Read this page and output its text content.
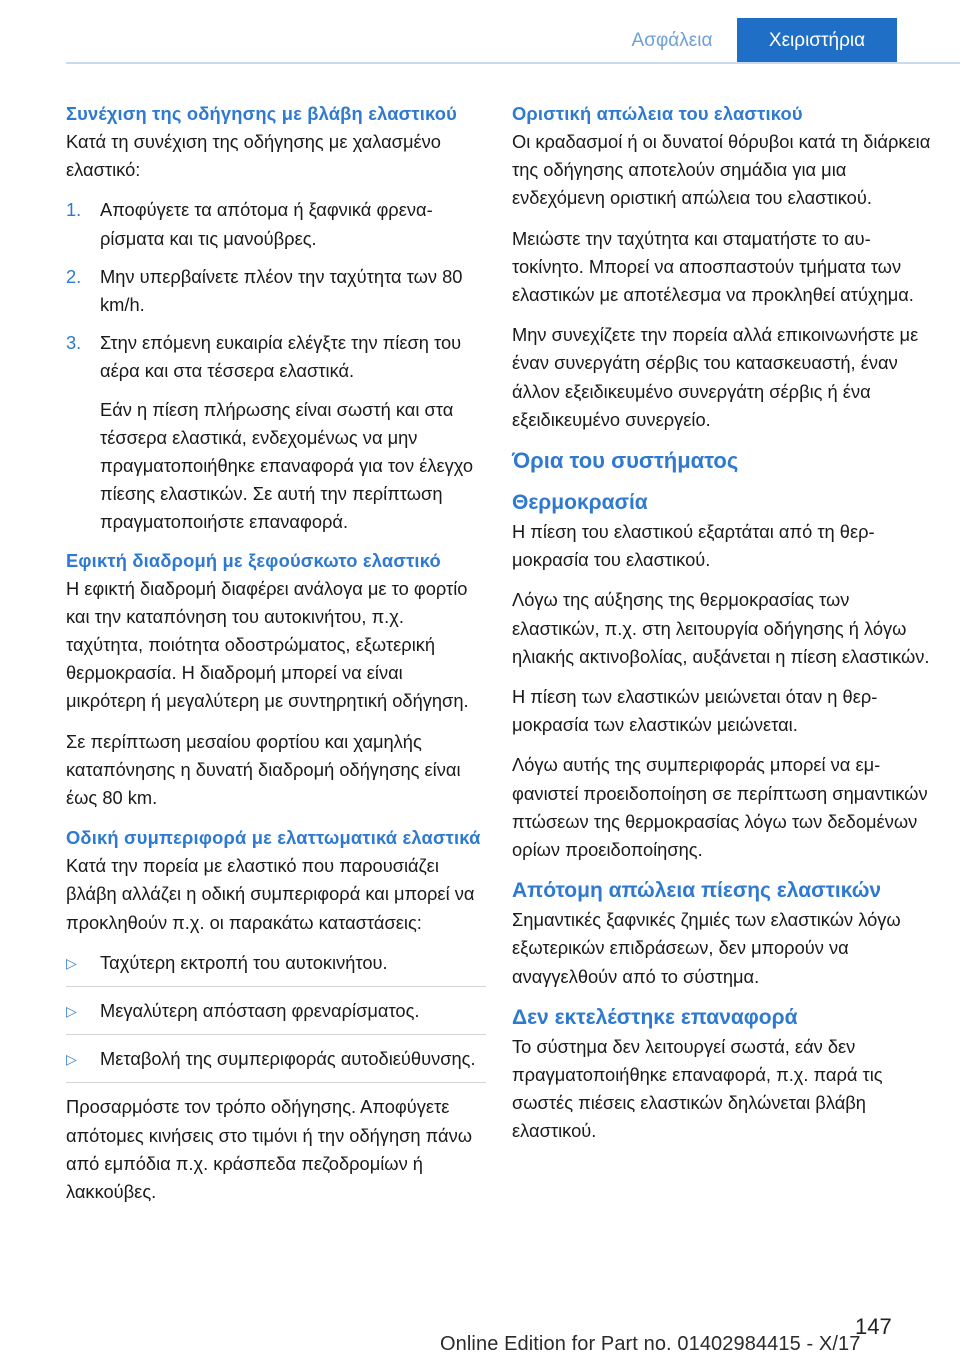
Ασφάλεια	Χειριστήρια
Συνέχιση της οδήγησης με βλάβη ελαστικού

Κατά τη συνέχιση της οδήγησης με χαλασμένο ελαστικό:

1. Αποφύγετε τα απότομα ή ξαφνικά φρεναρίσματα και τις μανούβρες.
2. Μην υπερβαίνετε πλέον την ταχύτητα των 80 km/h.
3. Στην επόμενη ευκαιρία ελέγξτε την πίεση του αέρα και στα τέσσερα ελαστικά.
Εάν η πίεση πλήρωσης είναι σωστή και στα τέσσερα ελαστικά, ενδεχομένως να μην πραγματοποιήθηκε επαναφορά για τον έλεγχο πίεσης ελαστικών. Σε αυτή την περίπτωση πραγματοποιήστε επαναφορά.
Εφικτή διαδρομή με ξεφούσκωτο ελαστικό

Η εφικτή διαδρομή διαφέρει ανάλογα με το φορτίο και την καταπόνηση του αυτοκινήτου, π.χ. ταχύτητα, ποιότητα οδοστρώματος, εξωτερική θερμοκρασία. Η διαδρομή μπορεί να είναι μικρότερη ή μεγαλύτερη με συντηρητική οδήγηση.

Σε περίπτωση μεσαίου φορτίου και χαμηλής καταπόνησης η δυνατή διαδρομή οδήγησης είναι έως 80 km.

Οδική συμπεριφορά με ελαττωματικά ελαστικά

Κατά την πορεία με ελαστικό που παρουσιάζει βλάβη αλλάζει η οδική συμπεριφορά και μπορεί να προκληθούν π.χ. οι παρακάτω καταστάσεις:

▷ Ταχύτερη εκτροπή του αυτοκινήτου.
▷ Μεγαλύτερη απόσταση φρεναρίσματος.
▷ Μεταβολή της συμπεριφοράς αυτοδιεύθυνσης.

Προσαρμόστε τον τρόπο οδήγησης. Αποφύγετε απότομες κινήσεις στο τιμόνι ή την οδήγηση πάνω από εμπόδια π.χ. κράσπεδα πεζοδρομίων ή λακκούβες.

Οριστική απώλεια του ελαστικού

Οι κραδασμοί ή οι δυνατοί θόρυβοι κατά τη διάρκεια της οδήγησης αποτελούν σημάδια για μια ενδεχόμενη οριστική απώλεια του ελαστικού.

Μειώστε την ταχύτητα και σταματήστε το αυτοκίνητο. Μπορεί να αποσπαστούν τμήματα των ελαστικών με αποτέλεσμα να προκληθεί ατύχημα.

Μην συνεχίζετε την πορεία αλλά επικοινωνήστε με έναν συνεργάτη σέρβις του κατασκευαστή, έναν άλλον εξειδικευμένο συνεργάτη σέρβις ή ένα εξειδικευμένο συνεργείο.

Όρια του συστήματος
Θερμοκρασία

Η πίεση του ελαστικού εξαρτάται από τη θερμοκρασία του ελαστικού.

Λόγω της αύξησης της θερμοκρασίας των ελαστικών, π.χ. στη λειτουργία οδήγησης ή λόγω ηλιακής ακτινοβολίας, αυξάνεται η πίεση ελαστικών.

Η πίεση των ελαστικών μειώνεται όταν η θερμοκρασία των ελαστικών μειώνεται.

Λόγω αυτής της συμπεριφοράς μπορεί να εμφανιστεί προειδοποίηση σε περίπτωση σημαντικών πτώσεων της θερμοκρασίας λόγω των δεδομένων ορίων προειδοποίησης.

Απότομη απώλεια πίεσης ελαστικών

Σημαντικές ξαφνικές ζημιές των ελαστικών λόγω εξωτερικών επιδράσεων, δεν μπορούν να αναγγελθούν από το σύστημα.

Δεν εκτελέστηκε επαναφορά

Το σύστημα δεν λειτουργεί σωστά, εάν δεν πραγματοποιήθηκε επαναφορά, π.χ. παρά τις σωστές πιέσεις ελαστικών δηλώνεται βλάβη ελαστικού.

147
Online Edition for Part no. 01402984415 - X/17
